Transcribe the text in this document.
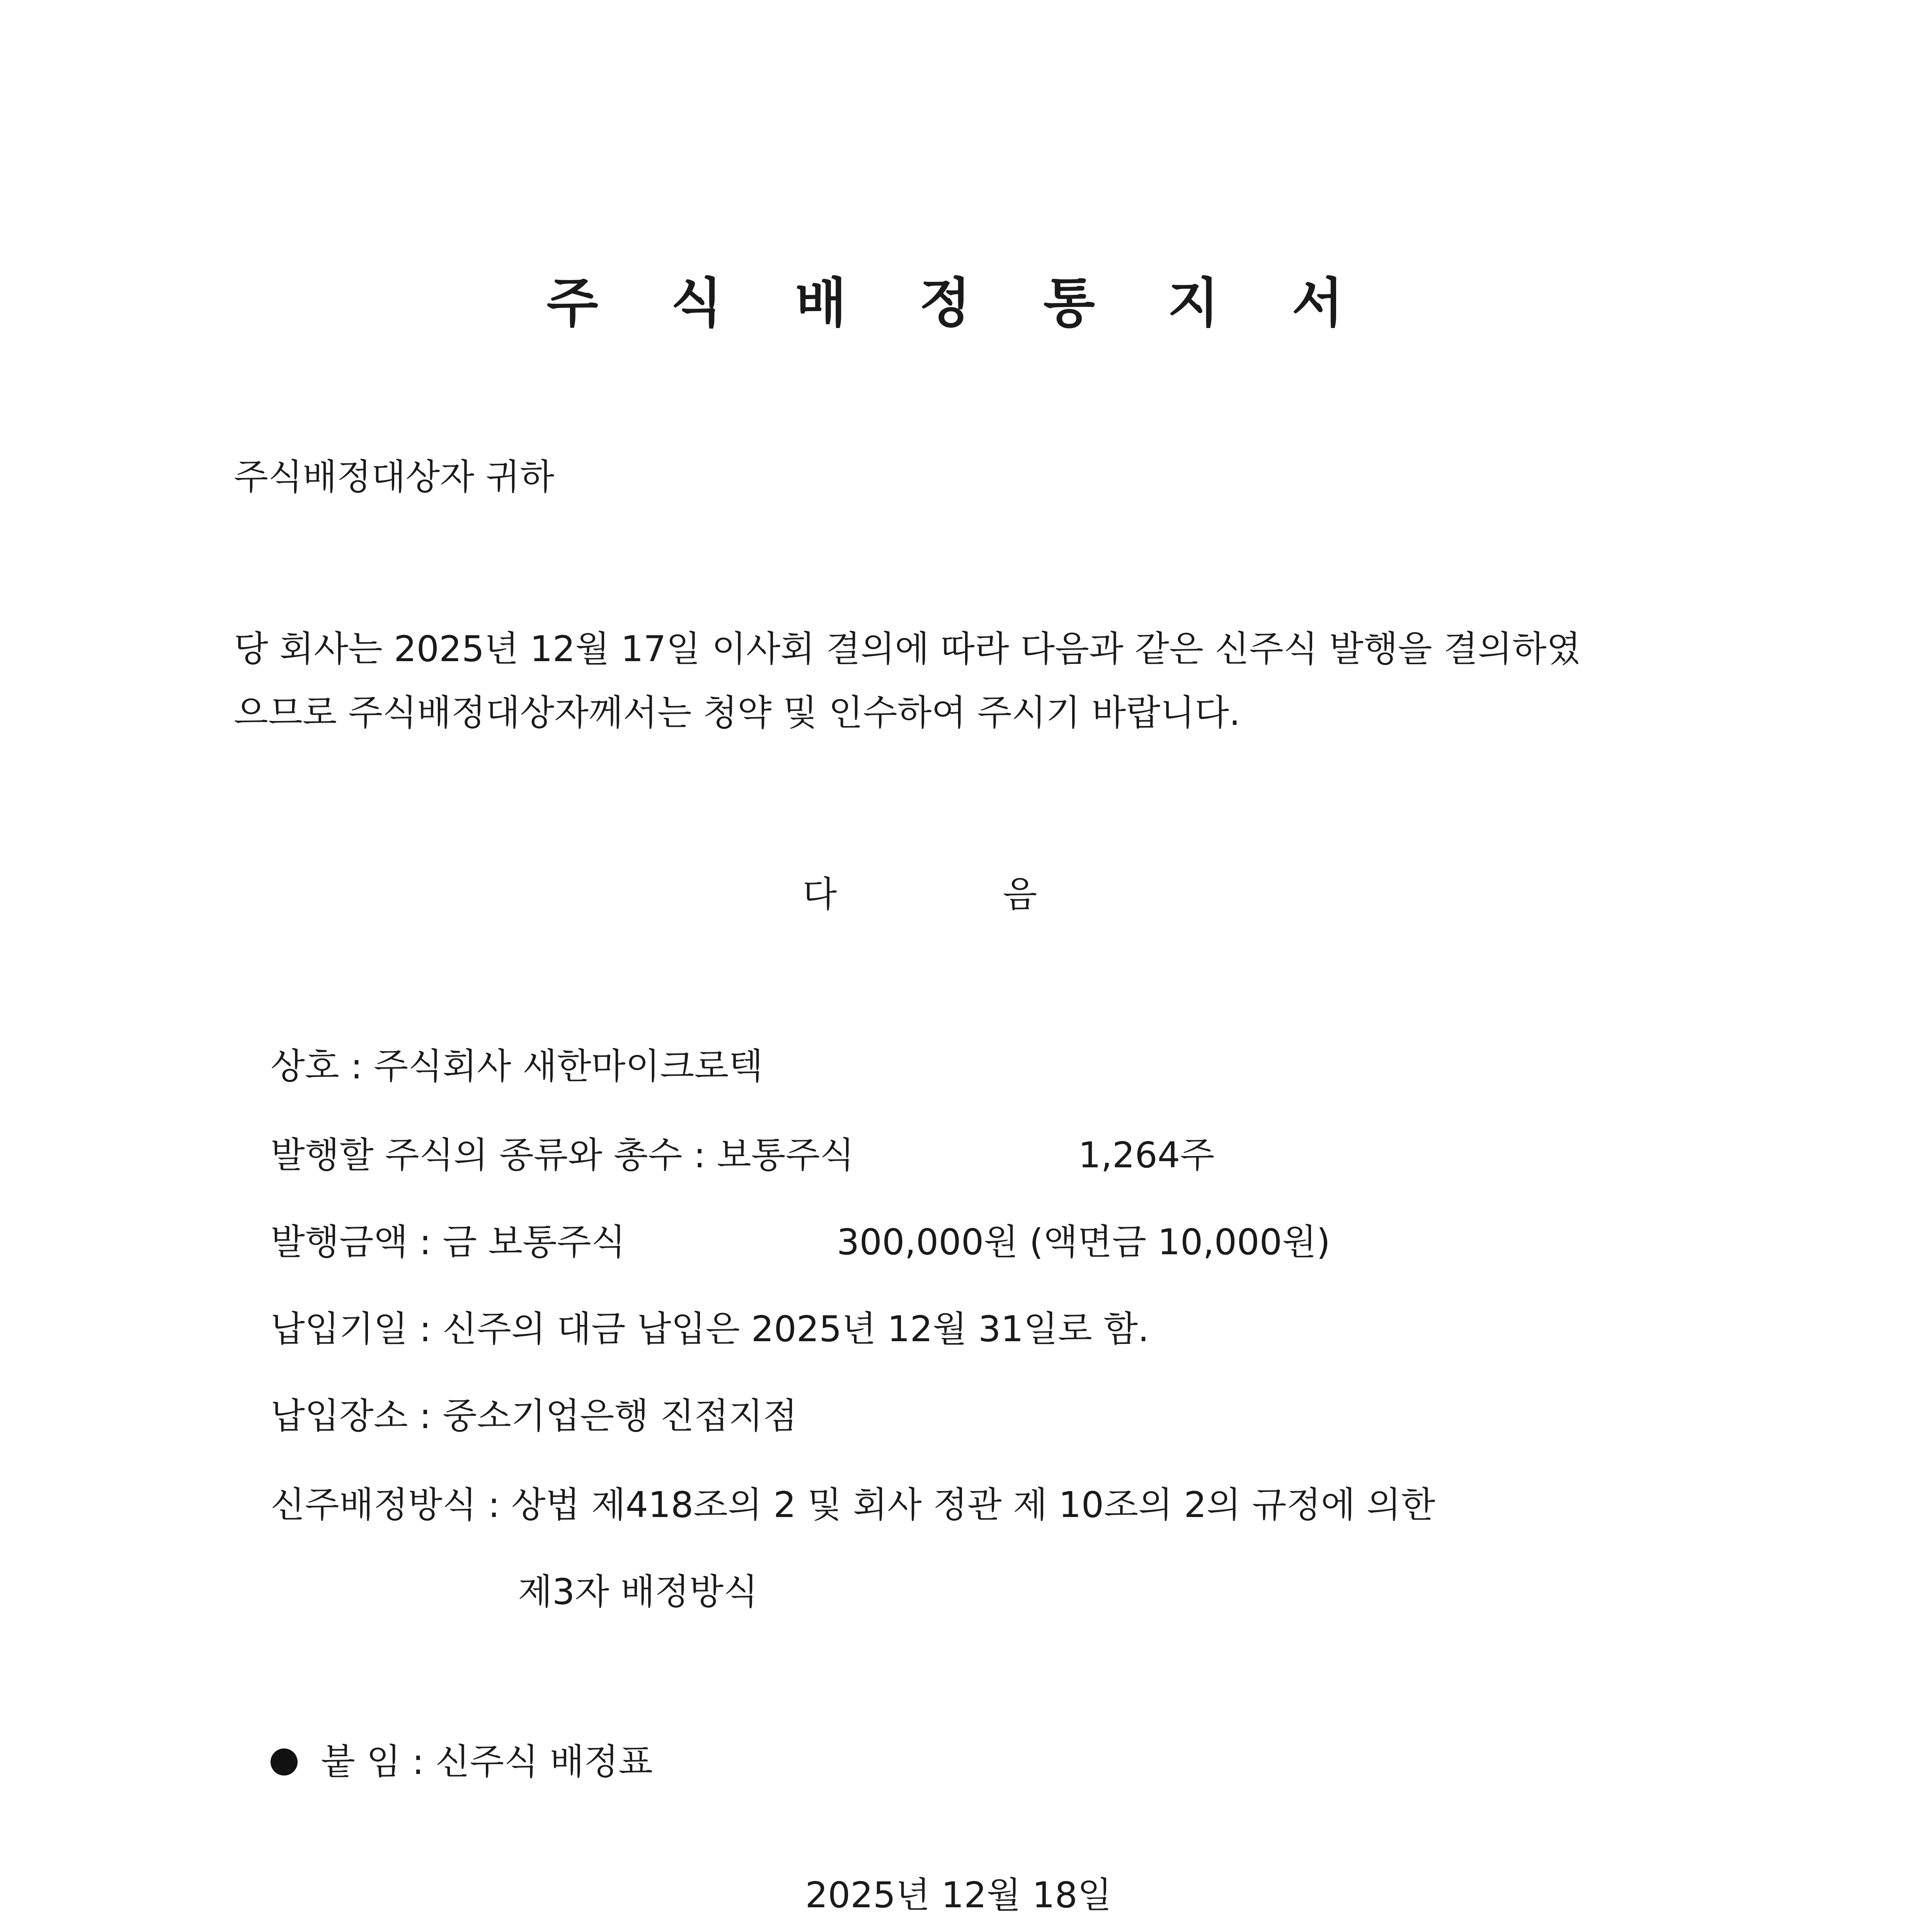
주 식 배 정 통 지 서
주식배정대상자 귀하
당 회사는 2025년 12월 17일 이사회 결의에 따라 다음과 같은 신주식 발행을 결의하였
으므로 주식배정대상자께서는 청약 및 인수하여 주시기 바랍니다.
다 음
상호 : 주식회사 새한마이크로텍
발행할 주식의 종류와 총수 : 보통주식	1,264주
발행금액 : 금 보통주식	300,000원 (액면금 10,000원)
납입기일 : 신주의 대금 납입은 2025년 12월 31일로 함.
납입장소 : 중소기업은행 진접지점
신주배정방식 : 상법 제418조의 2 및 회사 정관 제 10조의 2의 규정에 의한
제3자 배정방식
붙 임 : 신주식 배정표
2025년 12월 18일
